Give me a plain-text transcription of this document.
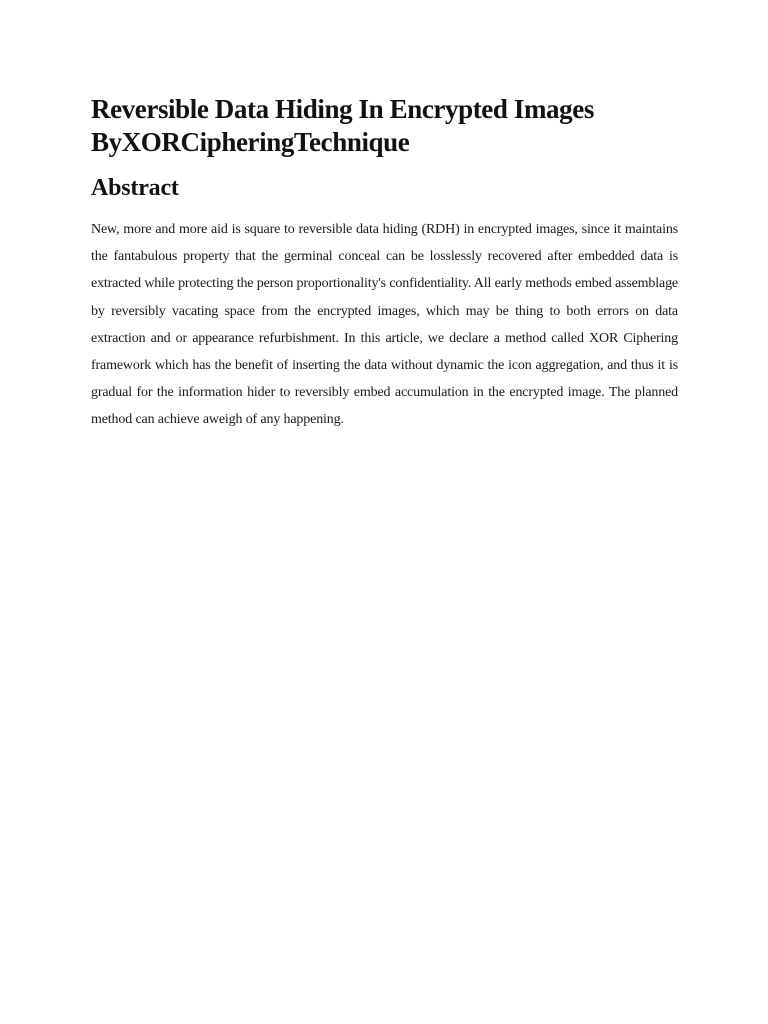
Reversible Data Hiding In Encrypted Images
ByXORCipheringTechnique
Abstract

New, more and more aid is square to reversible data hiding (RDH) in encrypted images, since it maintains the fantabulous property that the germinal conceal can be losslessly recovered after embedded data is extracted while protecting the person proportionality's confidentiality. All early methods embed assemblage by reversibly vacating space from the encrypted images, which may be thing to both errors on data extraction and or appearance refurbishment. In this article, we declare a method called XOR Ciphering framework which has the benefit of inserting the data without dynamic the icon aggregation, and thus it is gradual for the information hider to reversibly embed accumulation in the encrypted image. The planned method can achieve aweigh of any happening.
